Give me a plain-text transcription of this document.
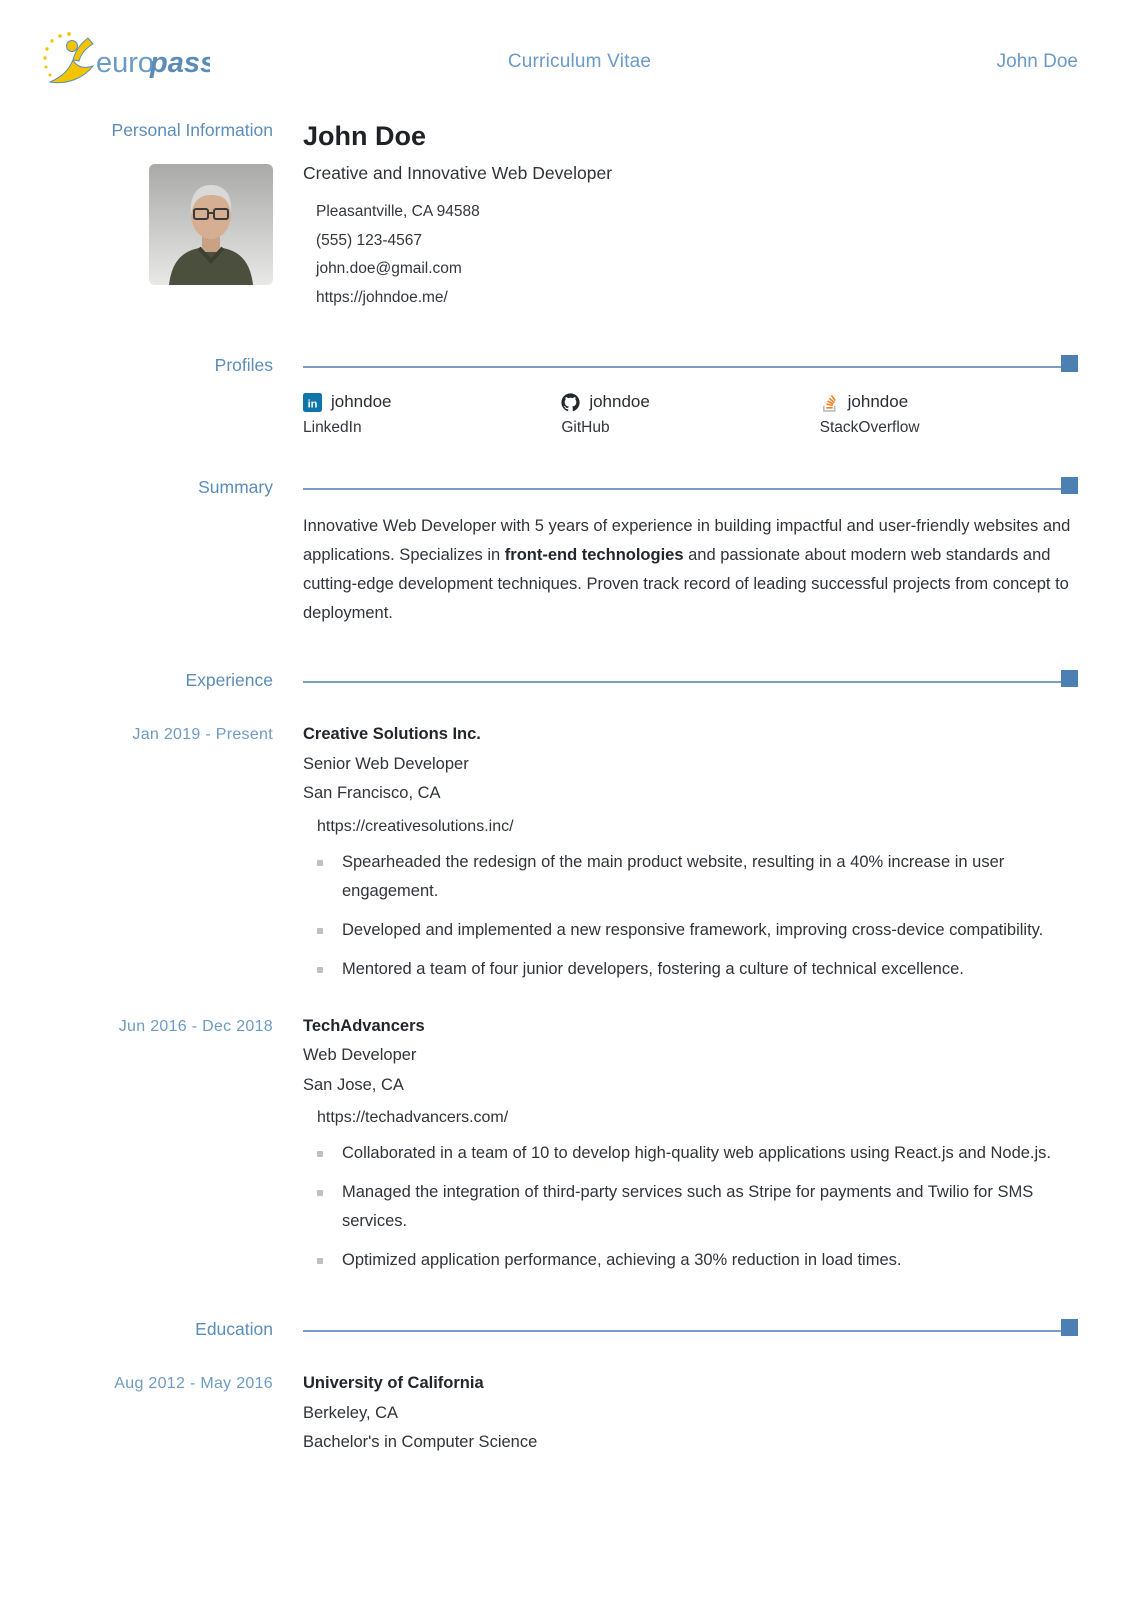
euro
pass	Curriculum Vitae	John Doe
Personal Information John Doe
Creative and Innovative Web Developer
Pleasantville, CA 94588
(555) 123-4567
john.doe@gmail.com
https://johndoe.me/
Profiles
in johndoe
LinkedIn
johndoe
GitHub
johndoe
StackOverflow
Summary
Innovative Web Developer with 5 years of experience in building impactful and user-friendly websites and applications. Specializes in front-end technologies and passionate about modern web standards and cutting-edge development techniques. Proven track record of leading successful projects from concept to deployment.
Experience
Jan 2019 - Present Creative Solutions Inc.
Senior Web Developer
San Francisco, CA
https://creativesolutions.inc/
Spearheaded the redesign of the main product website, resulting in a 40% increase in user engagement.
Developed and implemented a new responsive framework, improving cross-device compatibility.
Mentored a team of four junior developers, fostering a culture of technical excellence.
Jun 2016 - Dec 2018 TechAdvancers
Web Developer
San Jose, CA
https://techadvancers.com/
Collaborated in a team of 10 to develop high-quality web applications using React.js and Node.js.
Managed the integration of third-party services such as Stripe for payments and Twilio for SMS services.
Optimized application performance, achieving a 30% reduction in load times.
Education
Aug 2012 - May 2016 University of California
Berkeley, CA
Bachelor's in Computer Science
